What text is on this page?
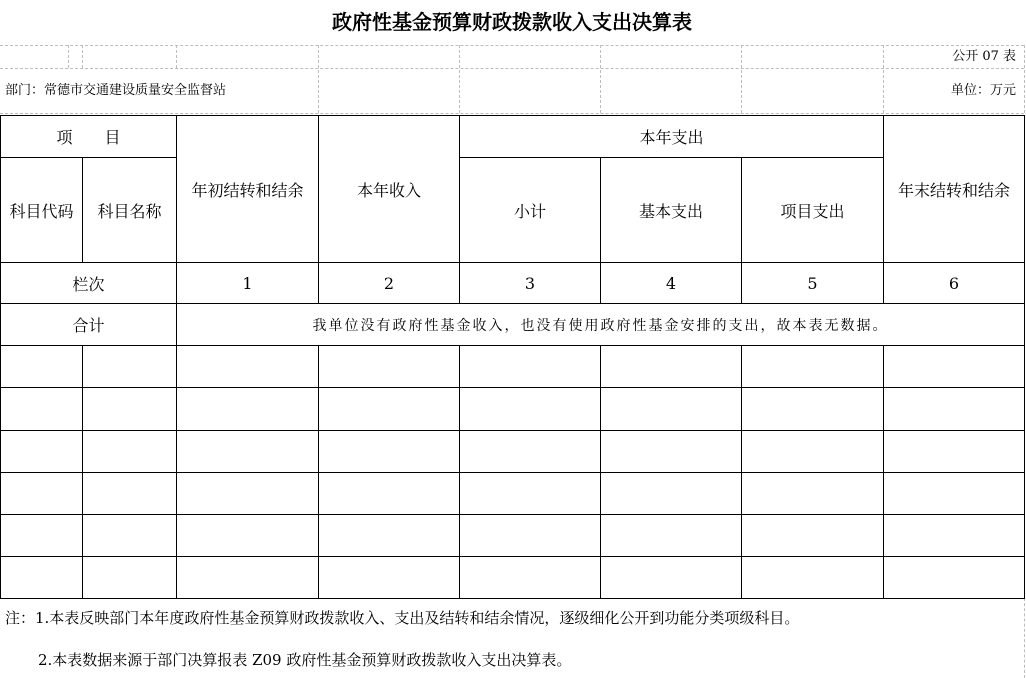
政府性基金预算财政拨款收入支出决算表
公开 07 表
部门：常德市交通建设质量安全监督站	单位：万元
项　　目		年初结转和结余	本年收入	本年支出			年末结转和结余
科目代码	科目名称			小计	基本支出	项目支出	
栏次		1	2	3	4	5	6
合计		我单位没有政府性基金收入，也没有使用政府性基金安排的支出，故本表无数据。					

注：1.本表反映部门本年度政府性基金预算财政拨款收入、支出及结转和结余情况，逐级细化公开到功能分类项级科目。
2.本表数据来源于部门决算报表 Z09 政府性基金预算财政拨款收入支出决算表。
